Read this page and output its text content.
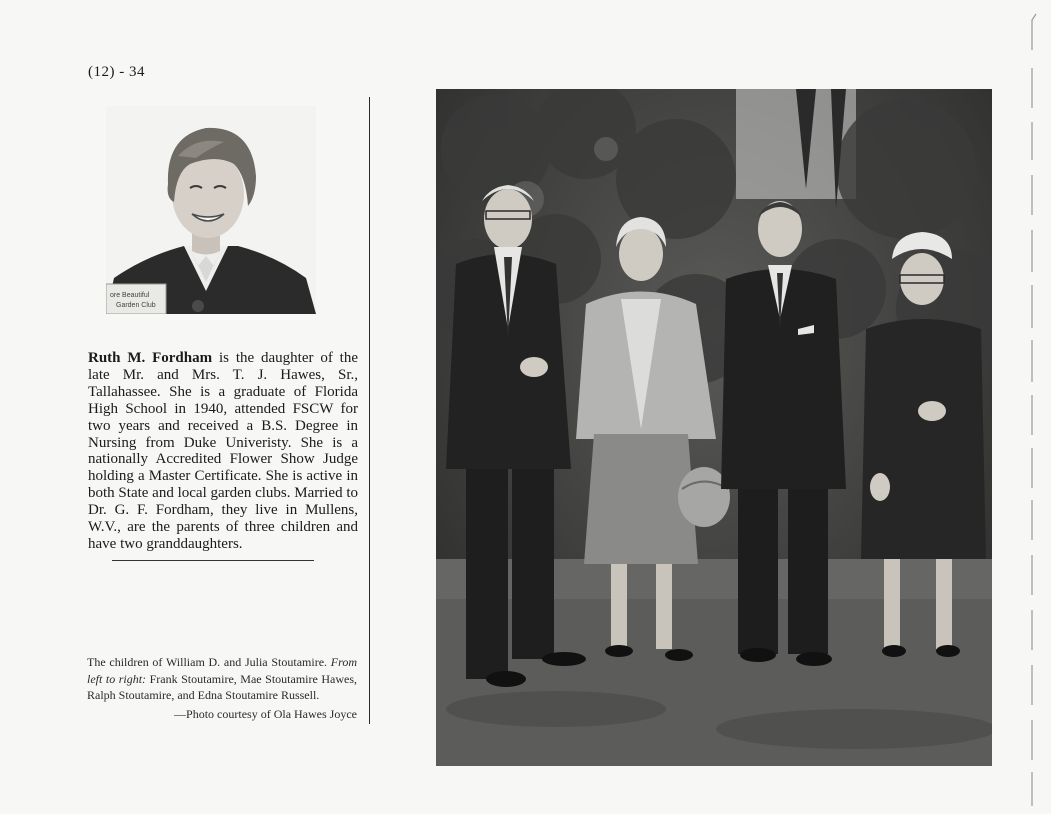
(12) - 34
ore Beautiful
Garden Club

Ruth M. Fordham is the daughter of the late Mr. and Mrs. T. J. Hawes, Sr., Tallahassee. She is a graduate of Florida High School in 1940, attended FSCW for two years and received a B.S. Degree in Nursing from Duke Univeristy. She is a nationally Accredited Flower Show Judge holding a Master Certificate. She is active in both State and local garden clubs. Married to Dr. G. F. Fordham, they live in Mullens, W.V., are the parents of three children and have two granddaughters.

The children of William D. and Julia Stoutamire. From left to right: Frank Stoutamire, Mae Stoutamire Hawes, Ralph Stoutamire, and Edna Stoutamire Russell.

—Photo courtesy of Ola Hawes Joyce
